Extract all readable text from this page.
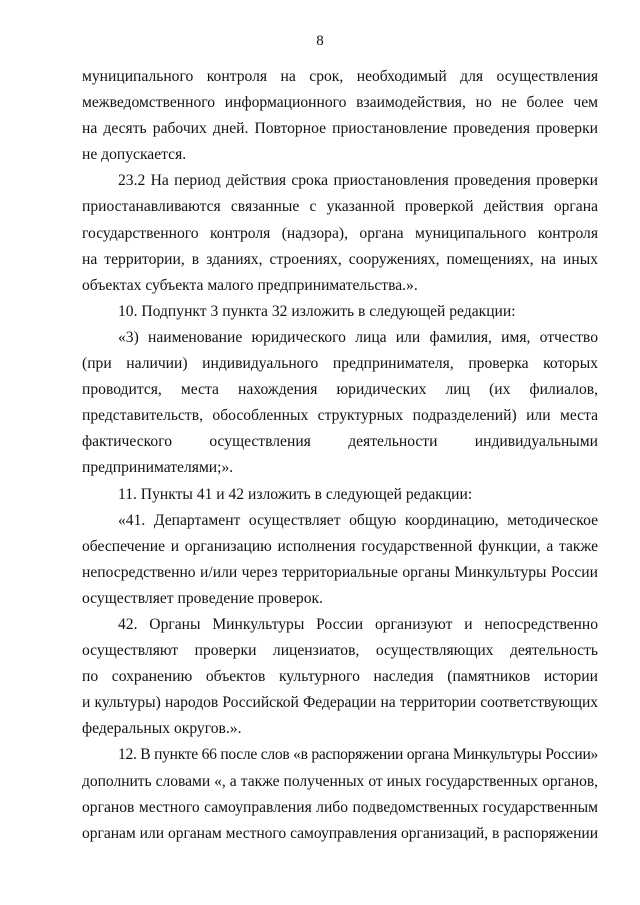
8
муниципального контроля на срок, необходимый для осуществления
межведомственного информационного взаимодействия, но не более чем
на десять рабочих дней. Повторное приостановление проведения проверки
не допускается.
23.2 На период действия срока приостановления проведения проверки
приостанавливаются связанные с указанной проверкой действия органа
государственного контроля (надзора), органа муниципального контроля
на территории, в зданиях, строениях, сооружениях, помещениях, на иных
объектах субъекта малого предпринимательства.».
10. Подпункт 3 пункта 32 изложить в следующей редакции:
«3) наименование юридического лица или фамилия, имя, отчество
(при наличии) индивидуального предпринимателя, проверка которых
проводится, места нахождения юридических лиц (их филиалов,
представительств, обособленных структурных подразделений) или места
фактического осуществления деятельности индивидуальными
предпринимателями;».
11. Пункты 41 и 42 изложить в следующей редакции:
«41. Департамент осуществляет общую координацию, методическое
обеспечение и организацию исполнения государственной функции, а также
непосредственно и/или через территориальные органы Минкультуры России
осуществляет проведение проверок.
42. Органы Минкультуры России организуют и непосредственно
осуществляют проверки лицензиатов, осуществляющих деятельность
по сохранению объектов культурного наследия (памятников истории
и культуры) народов Российской Федерации на территории соответствующих
федеральных округов.».
12. В пункте 66 после слов «в распоряжении органа Минкультуры России»
дополнить словами «, а также полученных от иных государственных органов,
органов местного самоуправления либо подведомственных государственным
органам или органам местного самоуправления организаций, в распоряжении
